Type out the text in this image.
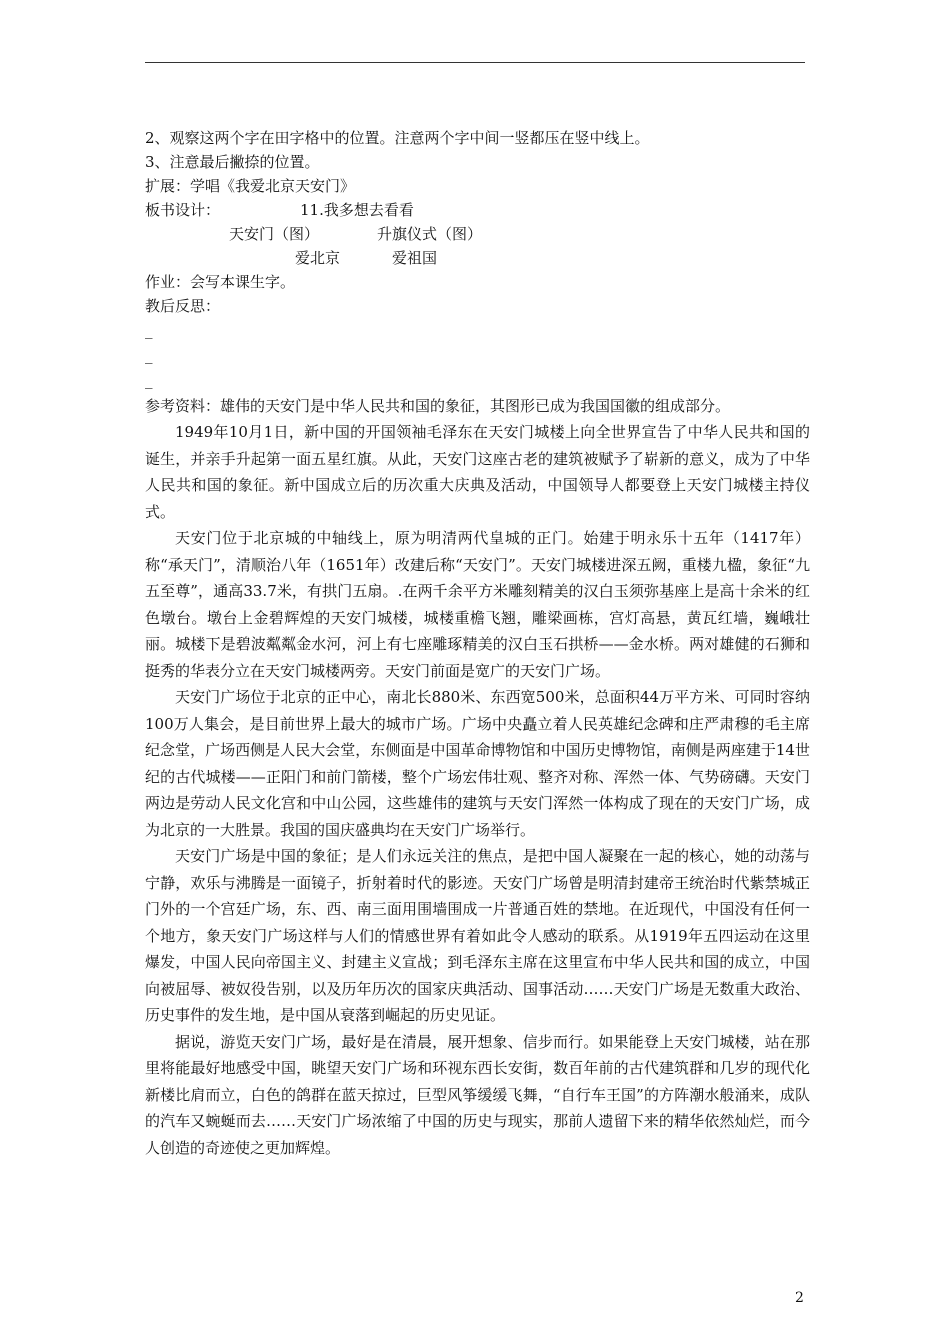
2、观察这两个字在田字格中的位置。注意两个字中间一竖都压在竖中线上。

3、注意最后撇捺的位置。

扩展：学唱《我爱北京天安门》

板书设计：	11.我多想去看看

天安门（图）	升旗仪式（图）

爱北京	爱祖国

作业：会写本课生字。

教后反思：

_

_

_

参考资料：雄伟的天安门是中华人民共和国的象征，其图形已成为我国国徽的组成部分。

1949年10月1日，新中国的开国领袖毛泽东在天安门城楼上向全世界宣告了中华人民共和国的诞生，并亲手升起第一面五星红旗。从此，天安门这座古老的建筑被赋予了崭新的意义，成为了中华人民共和国的象征。新中国成立后的历次重大庆典及活动，中国领导人都要登上天安门城楼主持仪式。

天安门位于北京城的中轴线上，原为明清两代皇城的正门。始建于明永乐十五年（1417年）称“承天门”，清顺治八年（1651年）改建后称“天安门”。天安门城楼进深五阙，重楼九楹，象征“九五至尊”，通高33.7米，有拱门五扇。.在两千余平方米雕刻精美的汉白玉须弥基座上是高十余米的红色墩台。墩台上金碧辉煌的天安门城楼，城楼重檐飞翘，雕梁画栋，宫灯高悬，黄瓦红墙，巍峨壮丽。城楼下是碧波粼粼金水河，河上有七座雕琢精美的汉白玉石拱桥——金水桥。两对雄健的石狮和挺秀的华表分立在天安门城楼两旁。天安门前面是宽广的天安门广场。

天安门广场位于北京的正中心，南北长880米、东西宽500米，总面积44万平方米、可同时容纳100万人集会，是目前世界上最大的城市广场。广场中央矗立着人民英雄纪念碑和庄严肃穆的毛主席纪念堂，广场西侧是人民大会堂，东侧面是中国革命博物馆和中国历史博物馆，南侧是两座建于14世纪的古代城楼——正阳门和前门箭楼，整个广场宏伟壮观、整齐对称、浑然一体、气势磅礴。天安门两边是劳动人民文化宫和中山公园，这些雄伟的建筑与天安门浑然一体构成了现在的天安门广场，成为北京的一大胜景。我国的国庆盛典均在天安门广场举行。

天安门广场是中国的象征；是人们永远关注的焦点，是把中国人凝聚在一起的核心，她的动荡与宁静，欢乐与沸腾是一面镜子，折射着时代的影迹。天安门广场曾是明清封建帝王统治时代紫禁城正门外的一个宫廷广场，东、西、南三面用围墙围成一片普通百姓的禁地。在近现代，中国没有任何一个地方，象天安门广场这样与人们的情感世界有着如此令人感动的联系。从1919年五四运动在这里爆发，中国人民向帝国主义、封建主义宣战；到毛泽东主席在这里宣布中华人民共和国的成立，中国向被屈辱、被奴役告别，以及历年历次的国家庆典活动、国事活动……天安门广场是无数重大政治、历史事件的发生地，是中国从衰落到崛起的历史见证。

据说，游览天安门广场，最好是在清晨，展开想象、信步而行。如果能登上天安门城楼，站在那里将能最好地感受中国，眺望天安门广场和环视东西长安街，数百年前的古代建筑群和几岁的现代化新楼比肩而立，白色的鸽群在蓝天掠过，巨型风筝缓缓飞舞，“自行车王国”的方阵潮水般涌来，成队的汽车又蜿蜒而去……天安门广场浓缩了中国的历史与现实，那前人遗留下来的精华依然灿烂，而今人创造的奇迹使之更加辉煌。

2
